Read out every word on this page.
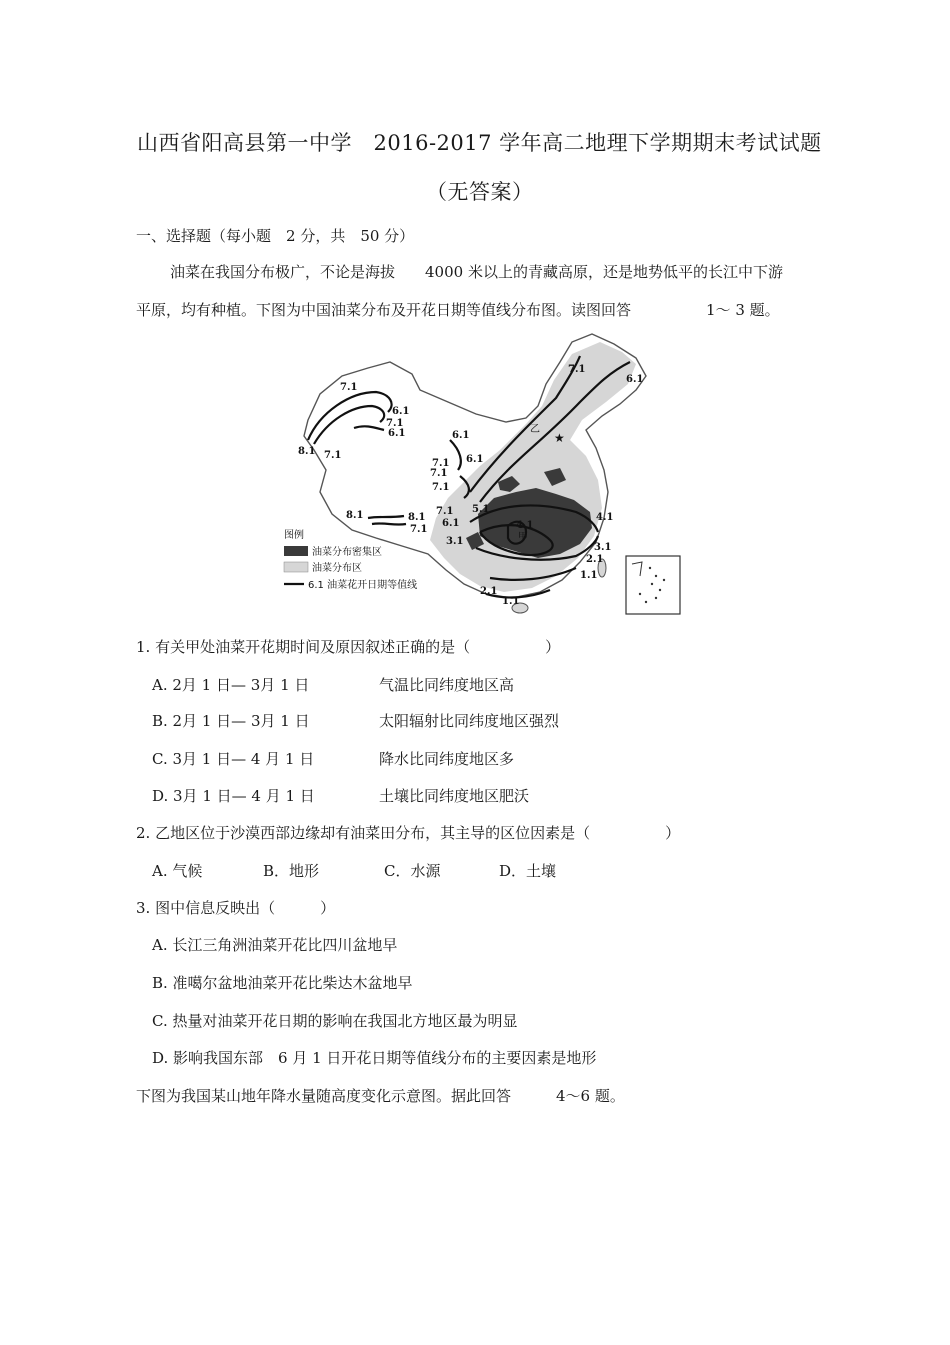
山西省阳高县第一中学　2016-2017 学年高二地理下学期期末考试试题
（无答案）
一、选择题（每小题　2 分，共　50 分）
油菜在我国分布极广，不论是海拔　　4000 米以上的青藏高原，还是地势低平的长江中下游
平原，均有种植。下图为中国油菜分布及开花日期等值线分布图。读图回答　　　　　1～ 3 题。
★
乙
甲
7.1
6.1
7.1
6.1	6.1
8.1 7.1	6.1
7.1
7.1
7.1
8.1	8.1
7.1
7.1
6.1
5.1
4.1
3.1
4.1
3.1
2.1
1.1
2.1
1.1
7.1
6.1
图例
油菜分布密集区
油菜分布区
6.1 油菜花开日期等值线
1. 有关甲处油菜开花期时间及原因叙述正确的是（　　　　　）
A. 2月 1 日— 3月 1 日	气温比同纬度地区高
B. 2月 1 日— 3月 1 日	太阳辐射比同纬度地区强烈
C. 3月 1 日— 4 月 1 日	降水比同纬度地区多
D. 3月 1 日— 4 月 1 日	土壤比同纬度地区肥沃
2. 乙地区位于沙漠西部边缘却有油菜田分布，其主导的区位因素是（　　　　　）
A. 气候	B．地形	C．水源	D．土壤
3. 图中信息反映出（　　　）
A. 长江三角洲油菜开花比四川盆地早
B. 准噶尔盆地油菜开花比柴达木盆地早
C. 热量对油菜开花日期的影响在我国北方地区最为明显
D. 影响我国东部　6 月 1 日开花日期等值线分布的主要因素是地形
下图为我国某山地年降水量随高度变化示意图。据此回答　　　4～6 题。
